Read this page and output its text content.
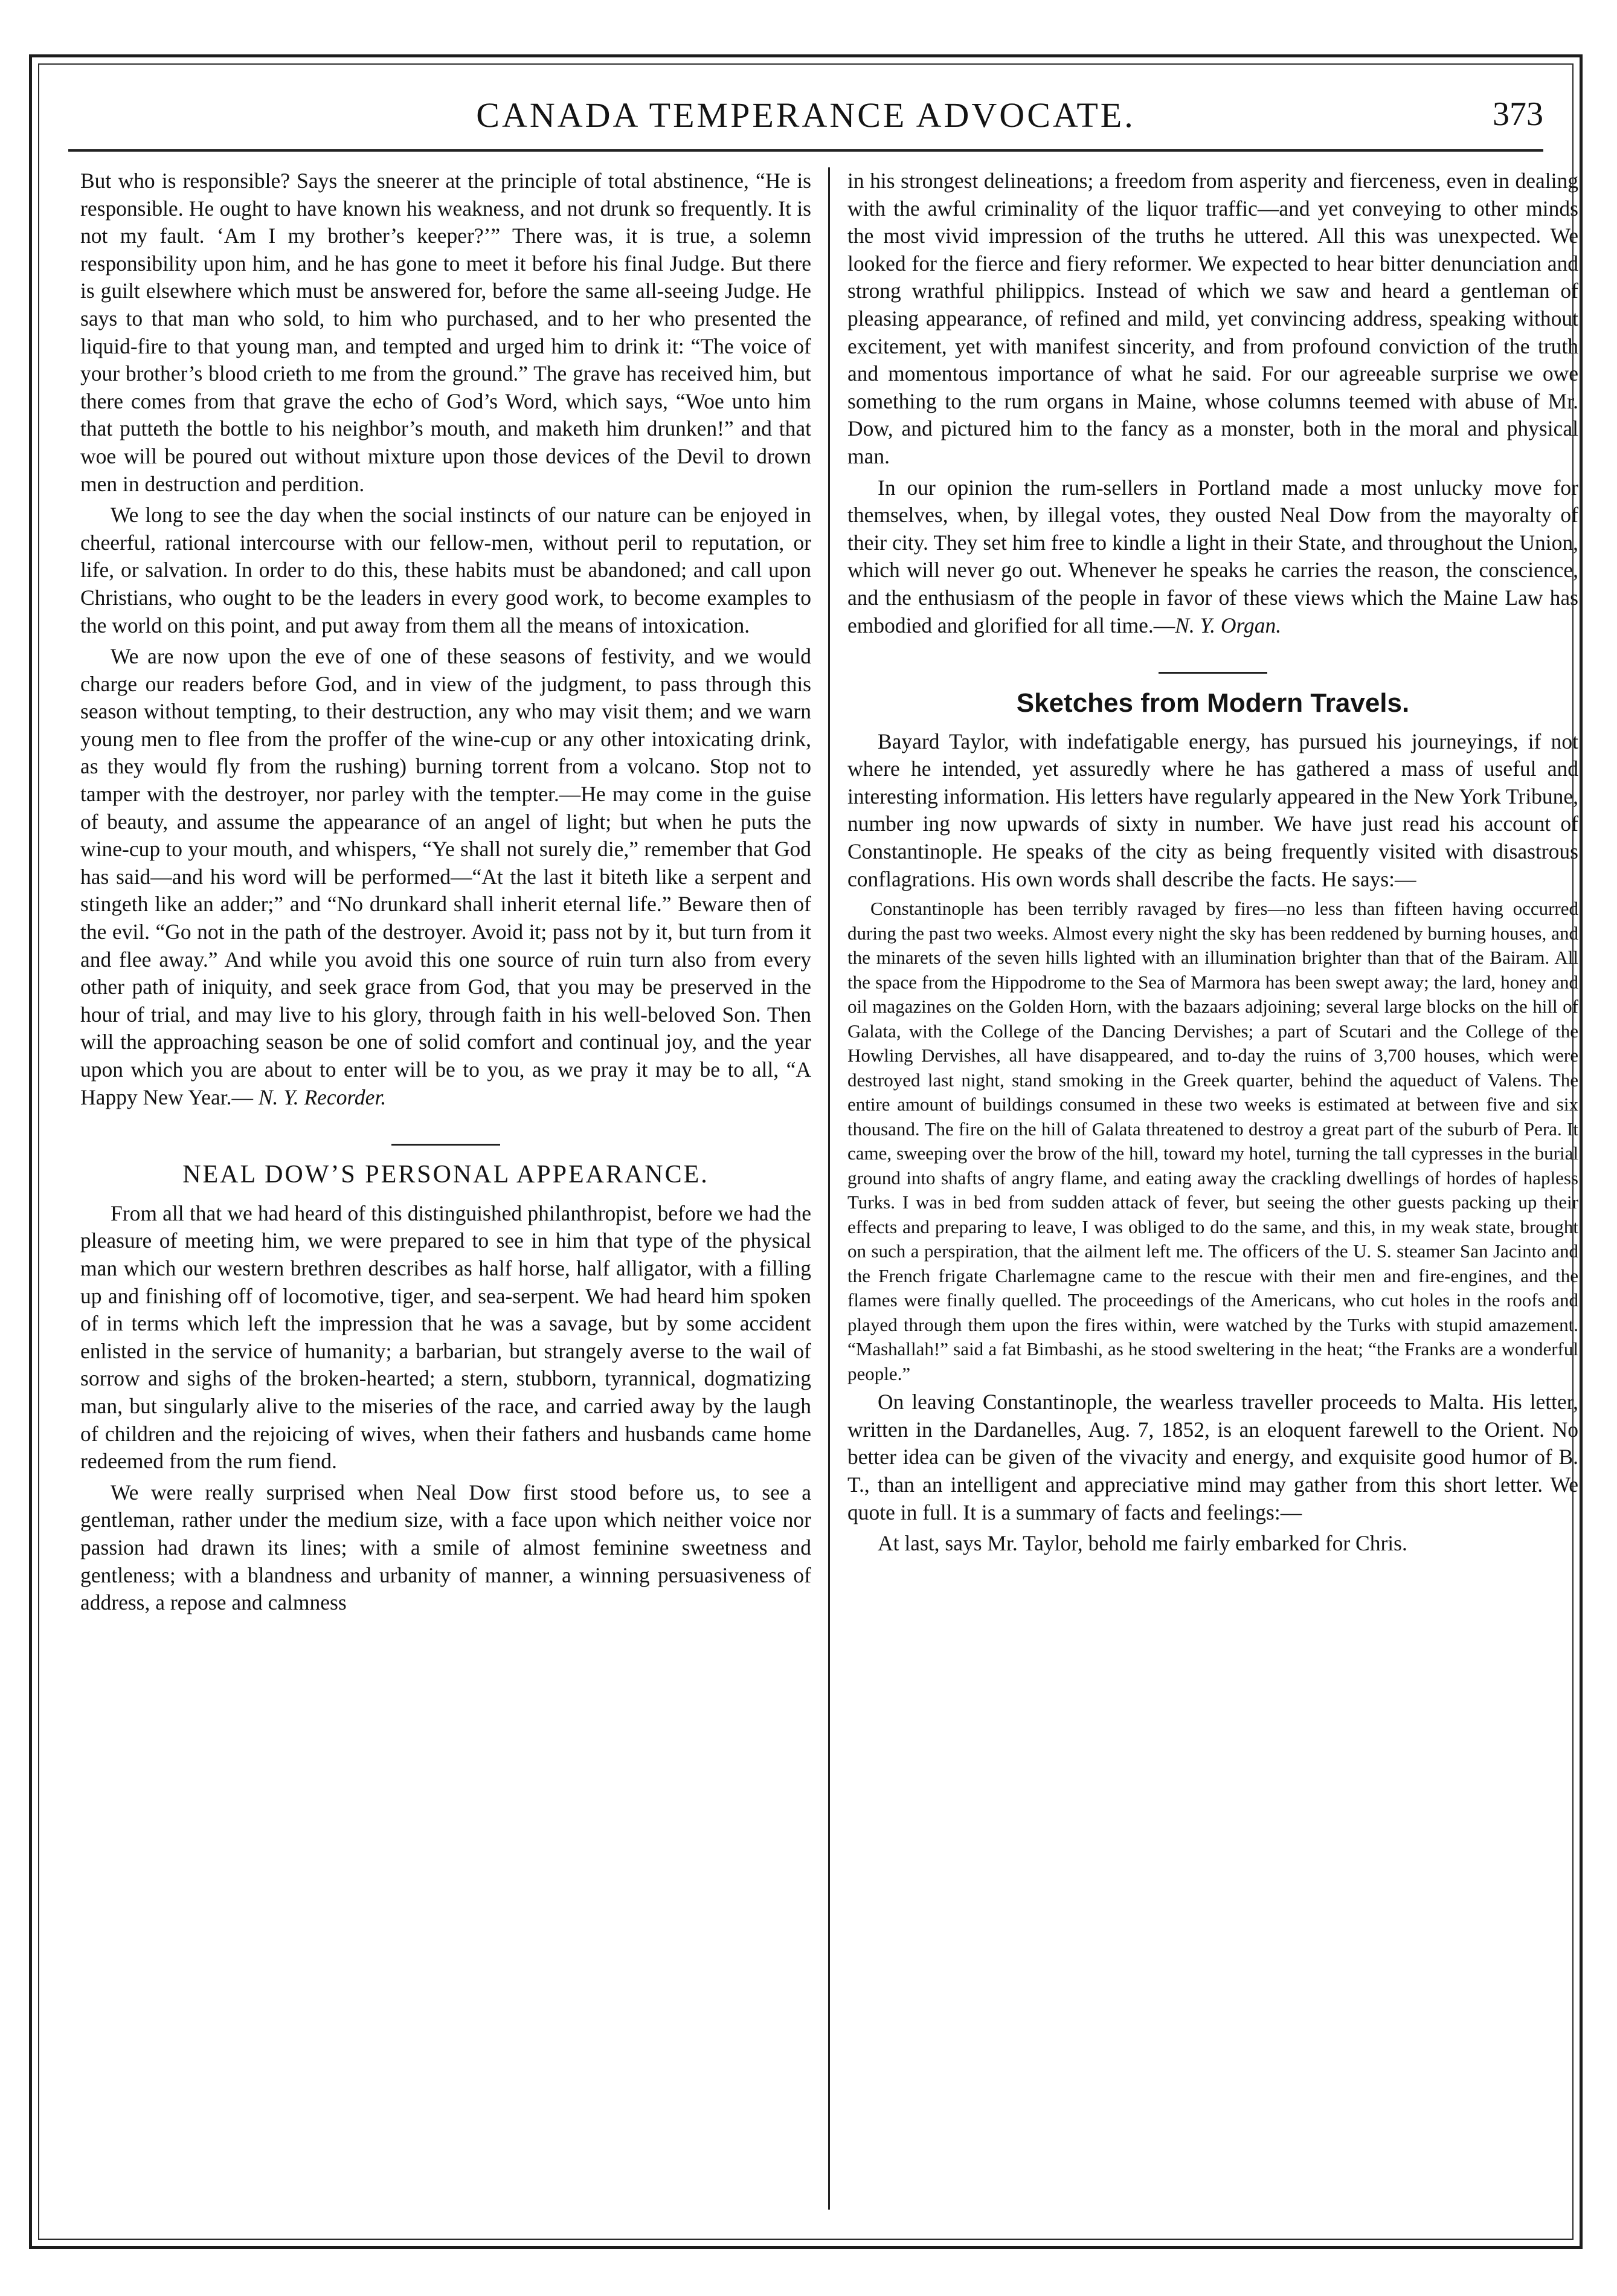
CANADA TEMPERANCE ADVOCATE.	373

But who is responsible? Says the sneerer at the principle of total abstinence, “He is responsible. He ought to have known his weakness, and not drunk so frequently. It is not my fault. ‘Am I my brother’s keeper?’” There was, it is true, a solemn responsibility upon him, and he has gone to meet it before his final Judge. But there is guilt elsewhere which must be answered for, before the same all-seeing Judge. He says to that man who sold, to him who purchased, and to her who presented the liquid-fire to that young man, and tempted and urged him to drink it: “The voice of your brother’s blood crieth to me from the ground.” The grave has received him, but there comes from that grave the echo of God’s Word, which says, “Woe unto him that putteth the bottle to his neighbor’s mouth, and maketh him drunken!” and that woe will be poured out without mixture upon those devices of the Devil to drown men in destruction and perdition.

We long to see the day when the social instincts of our nature can be enjoyed in cheerful, rational intercourse with our fellow-men, without peril to reputation, or life, or salvation. In order to do this, these habits must be abandoned; and call upon Christians, who ought to be the leaders in every good work, to become examples to the world on this point, and put away from them all the means of intoxication.

We are now upon the eve of one of these seasons of festivity, and we would charge our readers before God, and in view of the judgment, to pass through this season without tempting, to their destruction, any who may visit them; and we warn young men to flee from the proffer of the wine-cup or any other intoxicating drink, as they would fly from the rushing) burning torrent from a volcano. Stop not to tamper with the destroyer, nor parley with the tempter.—He may come in the guise of beauty, and assume the appearance of an angel of light; but when he puts the wine-cup to your mouth, and whispers, “Ye shall not surely die,” remember that God has said—and his word will be performed—“At the last it biteth like a serpent and stingeth like an adder;” and “No drunkard shall inherit eternal life.” Beware then of the evil. “Go not in the path of the destroyer. Avoid it; pass not by it, but turn from it and flee away.” And while you avoid this one source of ruin turn also from every other path of iniquity, and seek grace from God, that you may be preserved in the hour of trial, and may live to his glory, through faith in his well-beloved Son. Then will the approaching season be one of solid comfort and continual joy, and the year upon which you are about to enter will be to you, as we pray it may be to all, “A Happy New Year.— N. Y. Recorder.

NEAL DOW’S PERSONAL APPEARANCE.

From all that we had heard of this distinguished philanthropist, before we had the pleasure of meeting him, we were prepared to see in him that type of the physical man which our western brethren describes as half horse, half alligator, with a filling up and finishing off of locomotive, tiger, and sea-serpent. We had heard him spoken of in terms which left the impression that he was a savage, but by some accident enlisted in the service of humanity; a barbarian, but strangely averse to the wail of sorrow and sighs of the broken-hearted; a stern, stubborn, tyrannical, dogmatizing man, but singularly alive to the miseries of the race, and carried away by the laugh of children and the rejoicing of wives, when their fathers and husbands came home redeemed from the rum fiend.

We were really surprised when Neal Dow first stood before us, to see a gentleman, rather under the medium size, with a face upon which neither voice nor passion had drawn its lines; with a smile of almost feminine sweetness and gentleness; with a blandness and urbanity of manner, a winning persuasiveness of address, a repose and calmness

in his strongest delineations; a freedom from asperity and fierceness, even in dealing with the awful criminality of the liquor traffic—and yet conveying to other minds the most vivid impression of the truths he uttered. All this was unexpected. We looked for the fierce and fiery reformer. We expected to hear bitter denunciation and strong wrathful philippics. Instead of which we saw and heard a gentleman of pleasing appearance, of refined and mild, yet convincing address, speaking without excitement, yet with manifest sincerity, and from profound conviction of the truth and momentous importance of what he said. For our agreeable surprise we owe something to the rum organs in Maine, whose columns teemed with abuse of Mr. Dow, and pictured him to the fancy as a monster, both in the moral and physical man.

In our opinion the rum-sellers in Portland made a most unlucky move for themselves, when, by illegal votes, they ousted Neal Dow from the mayoralty of their city. They set him free to kindle a light in their State, and throughout the Union, which will never go out. Whenever he speaks he carries the reason, the conscience, and the enthusiasm of the people in favor of these views which the Maine Law has embodied and glorified for all time.—N. Y. Organ.

Sketches from Modern Travels.

Bayard Taylor, with indefatigable energy, has pursued his journeyings, if not where he intended, yet assuredly where he has gathered a mass of useful and interesting information. His letters have regularly appeared in the New York Tribune, number ing now upwards of sixty in number. We have just read his account of Constantinople. He speaks of the city as being frequently visited with disastrous conflagrations. His own words shall describe the facts. He says:—

Constantinople has been terribly ravaged by fires—no less than fifteen having occurred during the past two weeks. Almost every night the sky has been reddened by burning houses, and the minarets of the seven hills lighted with an illumination brighter than that of the Bairam. All the space from the Hippodrome to the Sea of Marmora has been swept away; the lard, honey and oil magazines on the Golden Horn, with the bazaars adjoining; several large blocks on the hill of Galata, with the College of the Dancing Dervishes; a part of Scutari and the College of the Howling Dervishes, all have disappeared, and to-day the ruins of 3,700 houses, which were destroyed last night, stand smoking in the Greek quarter, behind the aqueduct of Valens. The entire amount of buildings consumed in these two weeks is estimated at between five and six thousand. The fire on the hill of Galata threatened to destroy a great part of the suburb of Pera. It came, sweeping over the brow of the hill, toward my hotel, turning the tall cypresses in the burial ground into shafts of angry flame, and eating away the crackling dwellings of hordes of hapless Turks. I was in bed from sudden attack of fever, but seeing the other guests packing up their effects and preparing to leave, I was obliged to do the same, and this, in my weak state, brought on such a perspiration, that the ailment left me. The officers of the U. S. steamer San Jacinto and the French frigate Charlemagne came to the rescue with their men and fire-engines, and the flames were finally quelled. The proceedings of the Americans, who cut holes in the roofs and played through them upon the fires within, were watched by the Turks with stupid amazement. “Mashallah!” said a fat Bimbashi, as he stood sweltering in the heat; “the Franks are a wonderful people.”

On leaving Constantinople, the wearless traveller proceeds to Malta. His letter, written in the Dardanelles, Aug. 7, 1852, is an eloquent farewell to the Orient. No better idea can be given of the vivacity and energy, and exquisite good humor of B. T., than an intelligent and appreciative mind may gather from this short letter. We quote in full. It is a summary of facts and feelings:—

At last, says Mr. Taylor, behold me fairly embarked for Chris.
